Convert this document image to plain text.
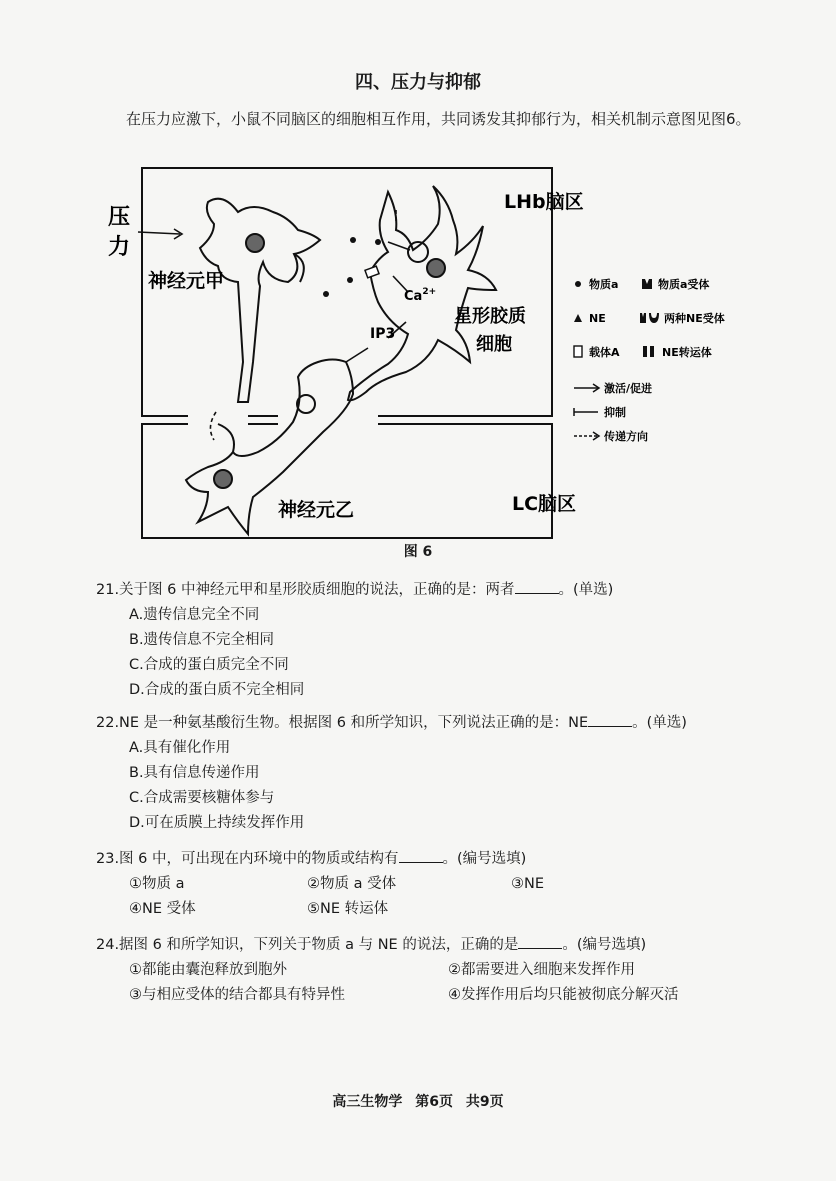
四、压力与抑郁
在压力应激下，小鼠不同脑区的细胞相互作用，共同诱发其抑郁行为，相关机制示意图见图6。
压
力
神经元甲
LHb脑区
星形胶质
细胞
IP3
$Ca^{2+}$
神经元乙	LC脑区
物质a	物质a受体
NE	两种NE受体
载体A	NE转运体
激活/促进
抑制
传递方向
图 6
21.关于图 6 中神经元甲和星形胶质细胞的说法，正确的是：两者	。(单选)
A.遗传信息完全不同
B.遗传信息不完全相同
C.合成的蛋白质完全不同
D.合成的蛋白质不完全相同
22.NE 是一种氨基酸衍生物。根据图 6 和所学知识，下列说法正确的是：NE	。(单选)
A.具有催化作用
B.具有信息传递作用
C.合成需要核糖体参与
D.可在质膜上持续发挥作用
23.图 6 中，可出现在内环境中的物质或结构有	。(编号选填)
①物质 a	②物质 a 受体	③NE
④NE 受体	⑤NE 转运体
24.据图 6 和所学知识，下列关于物质 a 与 NE 的说法，正确的是	。(编号选填)
①都能由囊泡释放到胞外	②都需要进入细胞来发挥作用
③与相应受体的结合都具有特异性	④发挥作用后均只能被彻底分解灭活
高三生物学 第6页 共9页
